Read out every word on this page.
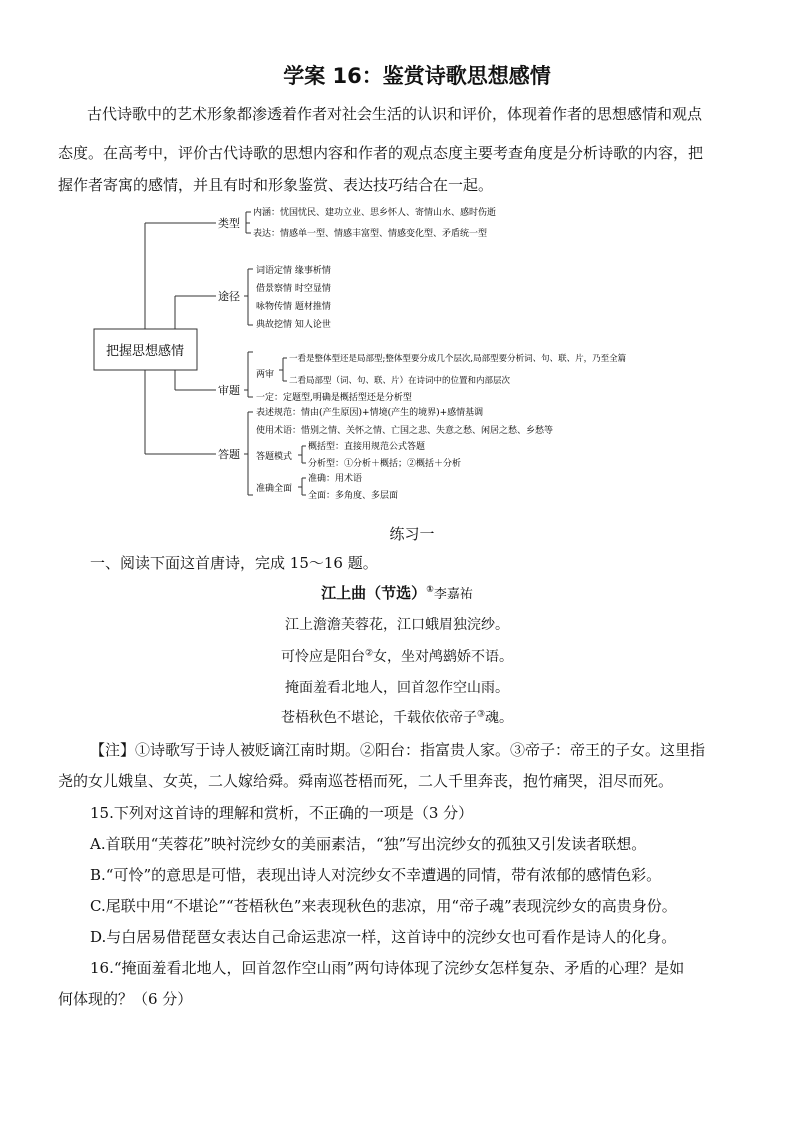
学案 16：鉴赏诗歌思想感情
古代诗歌中的艺术形象都渗透着作者对社会生活的认识和评价，体现着作者的思想感情和观点
态度。在高考中，评价古代诗歌的思想内容和作者的观点态度主要考查角度是分析诗歌的内容，把
握作者寄寓的感情，并且有时和形象鉴赏、表达技巧结合在一起。
把握思想感情
类型
途径
审题
答题
内涵：忧国忧民、建功立业、思乡怀人、寄情山水、感时伤逝
表达：情感单一型、情感丰富型、情感变化型、矛盾统一型
词语定情 缘事析情
借景察情 时空显情
咏物传情 题材推情
典故挖情 知人论世
两审
一看是整体型还是局部型;整体型要分成几个层次,局部型要分析词、句、联、片，乃至全篇
二看局部型（词、句、联、片）在诗词中的位置和内部层次
一定：定题型,明确是概括型还是分析型
表述规范：情由(产生原因)+情境(产生的境界)+感情基调
使用术语：惜别之情、关怀之情、亡国之悲、失意之愁、闲居之愁、乡愁等
答题模式
概括型：直接用规范公式答题
分析型：①分析＋概括；②概括＋分析
准确全面
准确：用术语
全面：多角度、多层面
练习一
一、阅读下面这首唐诗，完成 15～16 题。
江上曲（节选）①李嘉祐
江上澹澹芙蓉花，江口蛾眉独浣纱。
可怜应是阳台②女，坐对鸬鹚娇不语。
掩面羞看北地人，回首忽作空山雨。
苍梧秋色不堪论，千载依依帝子③魂。
【注】①诗歌写于诗人被贬谪江南时期。②阳台：指富贵人家。③帝子：帝王的子女。这里指
尧的女儿娥皇、女英，二人嫁给舜。舜南巡苍梧而死，二人千里奔丧，抱竹痛哭，泪尽而死。
15.下列对这首诗的理解和赏析，不正确的一项是（3 分）
A.首联用“芙蓉花”映衬浣纱女的美丽素洁，“独”写出浣纱女的孤独又引发读者联想。
B.“可怜”的意思是可惜，表现出诗人对浣纱女不幸遭遇的同情，带有浓郁的感情色彩。
C.尾联中用“不堪论”“苍梧秋色”来表现秋色的悲凉，用“帝子魂”表现浣纱女的高贵身份。
D.与白居易借琵琶女表达自己命运悲凉一样，这首诗中的浣纱女也可看作是诗人的化身。
16.“掩面羞看北地人，回首忽作空山雨”两句诗体现了浣纱女怎样复杂、矛盾的心理？是如
何体现的？（6 分）
